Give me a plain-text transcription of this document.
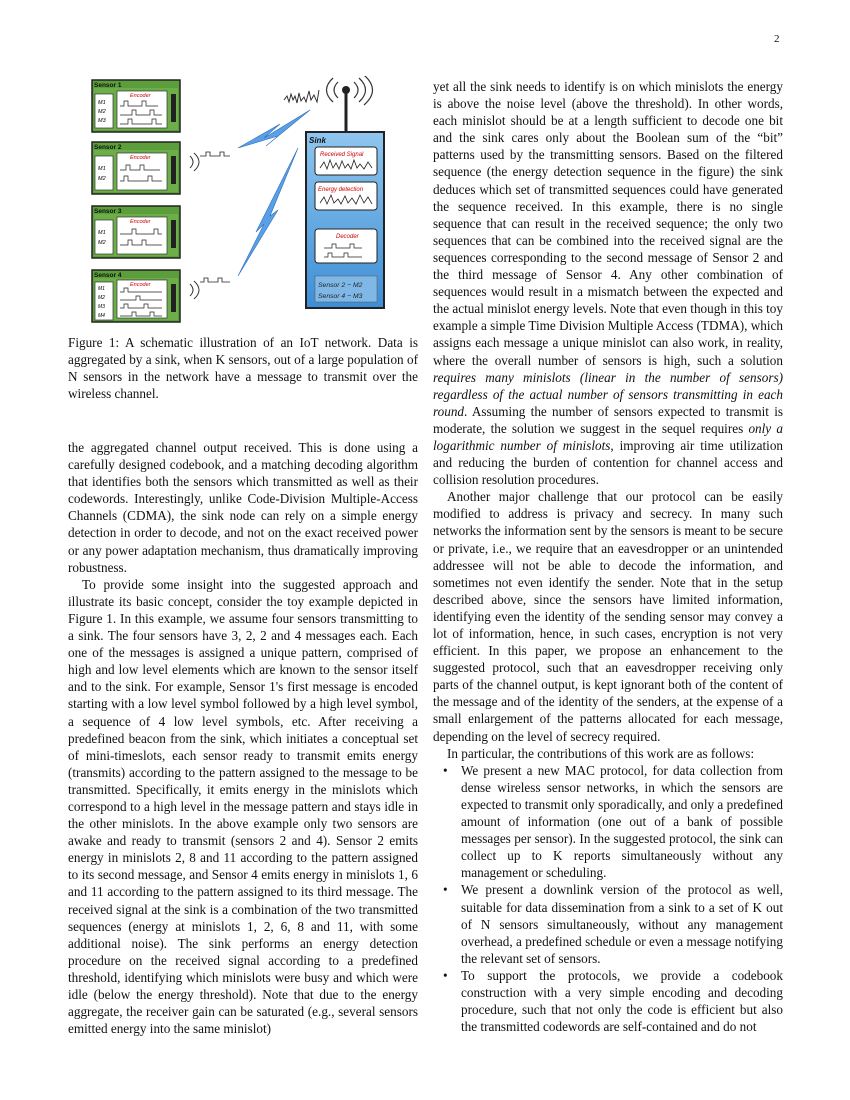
2
Sensor 1
Encoder
M1
M2
M3
Sensor 2
Encoder
M1
M2
Sensor 3
Encoder
M1
M2
Sensor 4
Encoder
M1
M2
M3
M4
Sink
Received Signal
Energy detection
Decoder
Sensor 2 − M2
Sensor 4 − M3
Figure 1: A schematic illustration of an IoT network. Data is aggregated by a sink, when K sensors, out of a large population of N sensors in the network have a message to transmit over the wireless channel.

the aggregated channel output received. This is done using a carefully designed codebook, and a matching decoding algorithm that identifies both the sensors which transmitted as well as their codewords. Interestingly, unlike Code-Division Multiple-Access Channels (CDMA), the sink node can rely on a simple energy detection in order to decode, and not on the exact received power or any power adaptation mechanism, thus dramatically improving robustness.

To provide some insight into the suggested approach and illustrate its basic concept, consider the toy example depicted in Figure 1. In this example, we assume four sensors transmitting to a sink. The four sensors have 3, 2, 2 and 4 messages each. Each one of the messages is assigned a unique pattern, comprised of high and low level elements which are known to the sensor itself and to the sink. For example, Sensor 1's first message is encoded starting with a low level symbol followed by a high level symbol, a sequence of 4 low level symbols, etc. After receiving a predefined beacon from the sink, which initiates a conceptual set of mini-timeslots, each sensor ready to transmit emits energy (transmits) according to the pattern assigned to the message to be transmitted. Specifically, it emits energy in the minislots which correspond to a high level in the message pattern and stays idle in the other minislots. In the above example only two sensors are awake and ready to transmit (sensors 2 and 4). Sensor 2 emits energy in minislots 2, 8 and 11 according to the pattern assigned to its second message, and Sensor 4 emits energy in minislots 1, 6 and 11 according to the pattern assigned to its third message. The received signal at the sink is a combination of the two transmitted sequences (energy at minislots 1, 2, 6, 8 and 11, with some additional noise). The sink performs an energy detection procedure on the received signal according to a predefined threshold, identifying which minislots were busy and which were idle (below the energy threshold). Note that due to the energy aggregate, the receiver gain can be saturated (e.g., several sensors emitted energy into the same minislot)

yet all the sink needs to identify is on which minislots the energy is above the noise level (above the threshold). In other words, each minislot should be at a length sufficient to decode one bit and the sink cares only about the Boolean sum of the “bit” patterns used by the transmitting sensors. Based on the filtered sequence (the energy detection sequence in the figure) the sink deduces which set of transmitted sequences could have generated the sequence received. In this example, there is no single sequence that can result in the received sequence; the only two sequences that can be combined into the received signal are the sequences corresponding to the second message of Sensor 2 and the third message of Sensor 4. Any other combination of sequences would result in a mismatch between the expected and the actual minislot energy levels. Note that even though in this toy example a simple Time Division Multiple Access (TDMA), which assigns each message a unique minislot can also work, in reality, where the overall number of sensors is high, such a solution requires many minislots (linear in the number of sensors) regardless of the actual number of sensors transmitting in each round. Assuming the number of sensors expected to transmit is moderate, the solution we suggest in the sequel requires only a logarithmic number of minislots, improving air time utilization and reducing the burden of contention for channel access and collision resolution procedures.

Another major challenge that our protocol can be easily modified to address is privacy and secrecy. In many such networks the information sent by the sensors is meant to be secure or private, i.e., we require that an eavesdropper or an unintended addressee will not be able to decode the information, and sometimes not even identify the sender. Note that in the setup described above, since the sensors have limited information, identifying even the identity of the sending sensor may convey a lot of information, hence, in such cases, encryption is not very efficient. In this paper, we propose an enhancement to the suggested protocol, such that an eavesdropper receiving only parts of the channel output, is kept ignorant both of the content of the message and of the identity of the senders, at the expense of a small enlargement of the patterns allocated for each message, depending on the level of secrecy required.

In particular, the contributions of this work are as follows:

• We present a new MAC protocol, for data collection from dense wireless sensor networks, in which the sensors are expected to transmit only sporadically, and only a predefined amount of information (one out of a bank of possible messages per sensor). In the suggested protocol, the sink can collect up to K reports simultaneously without any management or scheduling.
• We present a downlink version of the protocol as well, suitable for data dissemination from a sink to a set of K out of N sensors simultaneously, without any management overhead, a predefined schedule or even a message notifying the relevant set of sensors.
• To support the protocols, we provide a codebook construction with a very simple encoding and decoding procedure, such that not only the code is efficient but also the transmitted codewords are self-contained and do not
